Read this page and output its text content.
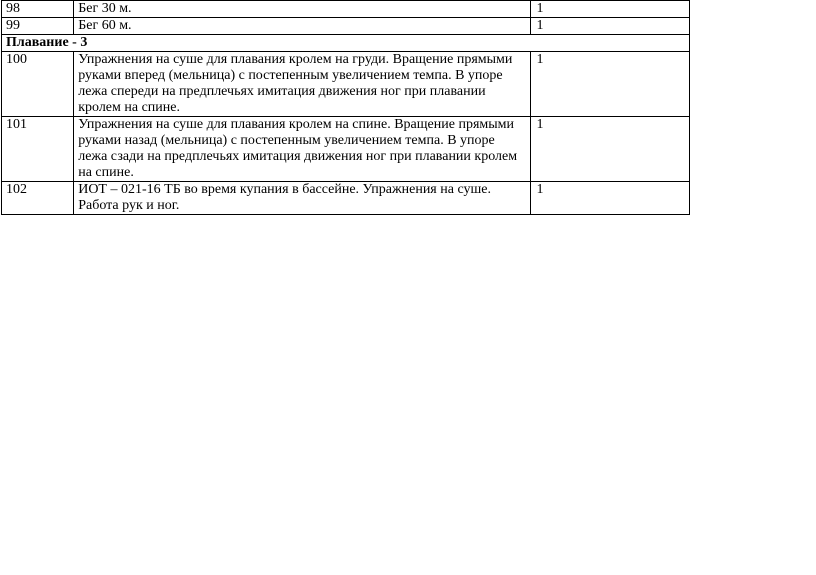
98	Бег 30 м.	1
99	Бег 60 м.	1
Плавание - 3		
100	Упражнения на суше для плавания кролем на груди. Вращение прямыми руками вперед (мельница) с постепенным увеличением темпа. В упоре лежа спереди на предплечьях имитация движения ног при плавании кролем на спине.	1
101	Упражнения на суше для плавания кролем на спине. Вращение прямыми руками назад (мельница) с постепенным увеличением темпа. В упоре лежа сзади на предплечьях имитация движения ног при плавании кролем на спине.	1
102	ИОТ – 021-16 ТБ во время купания в бассейне. Упражнения на суше. Работа рук и ног.	1
